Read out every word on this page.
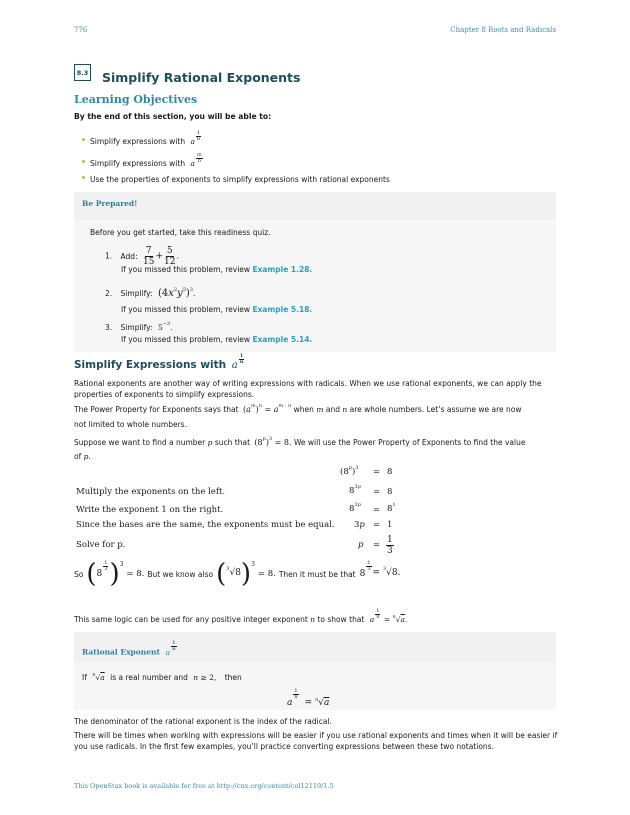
776	Chapter 8 Roots and Radicals
8.3 Simplify Rational Exponents
Learning Objectives
By the end of this section, you will be able to:
Simplify expressions with a $\frac{1}{n}$
Simplify expressions with a $\frac{m}{n}$
Use the properties of exponents to simplify expressions with rational exponents
Be Prepared!
Before you get started, take this readiness quiz.
1. Add: $\frac{7}{15} + \frac{5}{12}$ .
If you missed this problem, review Example 1.28.
2. Simplify: $(4x^2y^5)^3$.
If you missed this problem, review Example 5.18.
3. Simplify: $5^{-3}$.
If you missed this problem, review Example 5.14.
Simplify Expressions with a
$\frac{1}{n}$
Rational exponents are another way of writing expressions with radicals. When we use rational exponents, we can apply the properties of exponents to simplify expressions.
The Power Property for Exponents says that $(a^m)^n = a^{m \cdot n}$ when m and n are whole numbers. Let’s assume we are now
not limited to whole numbers.
Suppose we want to find a number p such that $(8^p)^3 = 8$. We will use the Power Property of Exponents to find the value
of p.
$(8^p)^3 = 8$
Multiply the exponents on the left.	$8^{3p} = 8$
Write the exponent 1 on the right.	$8^{3p} = 8^1$
Since the bases are the same, the exponents must be equal. 3p = 1
Solve for p.	$p = \frac{1}{3}$
So ( 8
$\frac{1}{3}$ ) 3
= 8. But we know also ( $^3$√8 ) 3
= 8. Then it must be that 8
$\frac{1}{3}$
= $^3$√8.
This same logic can be used for any positive integer exponent n to show that a $\frac{1}{n} = ^n√a$.
Rational Exponent a $\frac{1}{n}$
If $^n$√a is a real number and n ≥ 2, then
a
$\frac{1}{n}$
= $^n$√a
The denominator of the rational exponent is the index of the radical.
There will be times when working with expressions will be easier if you use rational exponents and times when it will be easier if you use radicals. In the first few examples, you’ll practice converting expressions between these two notations.
This OpenStax book is available for free at http://cnx.org/content/col12119/1.5
